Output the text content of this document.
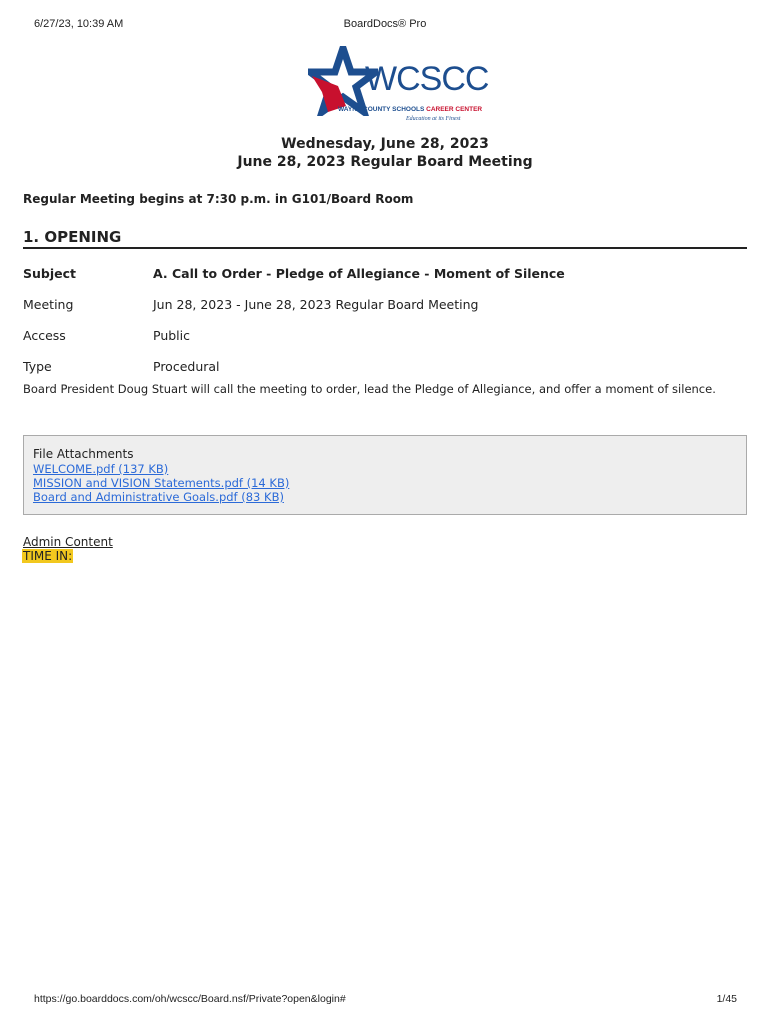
6/27/23, 10:39 AM	BoardDocs® Pro
WCSCC
WAYNE COUNTY SCHOOLS CAREER CENTER
Education at its Finest
Wednesday, June 28, 2023
June 28, 2023 Regular Board Meeting
Regular Meeting begins at 7:30 p.m. in G101/Board Room
1. OPENING
Subject	A. Call to Order - Pledge of Allegiance - Moment of Silence
Meeting	Jun 28, 2023 - June 28, 2023 Regular Board Meeting
Access	Public
Type	Procedural
Board President Doug Stuart will call the meeting to order, lead the Pledge of Allegiance, and offer a moment of silence.
File Attachments
WELCOME.pdf (137 KB)
MISSION and VISION Statements.pdf (14 KB)
Board and Administrative Goals.pdf (83 KB)
Admin Content
TIME IN:
https://go.boarddocs.com/oh/wcscc/Board.nsf/Private?open&login#	1/45
